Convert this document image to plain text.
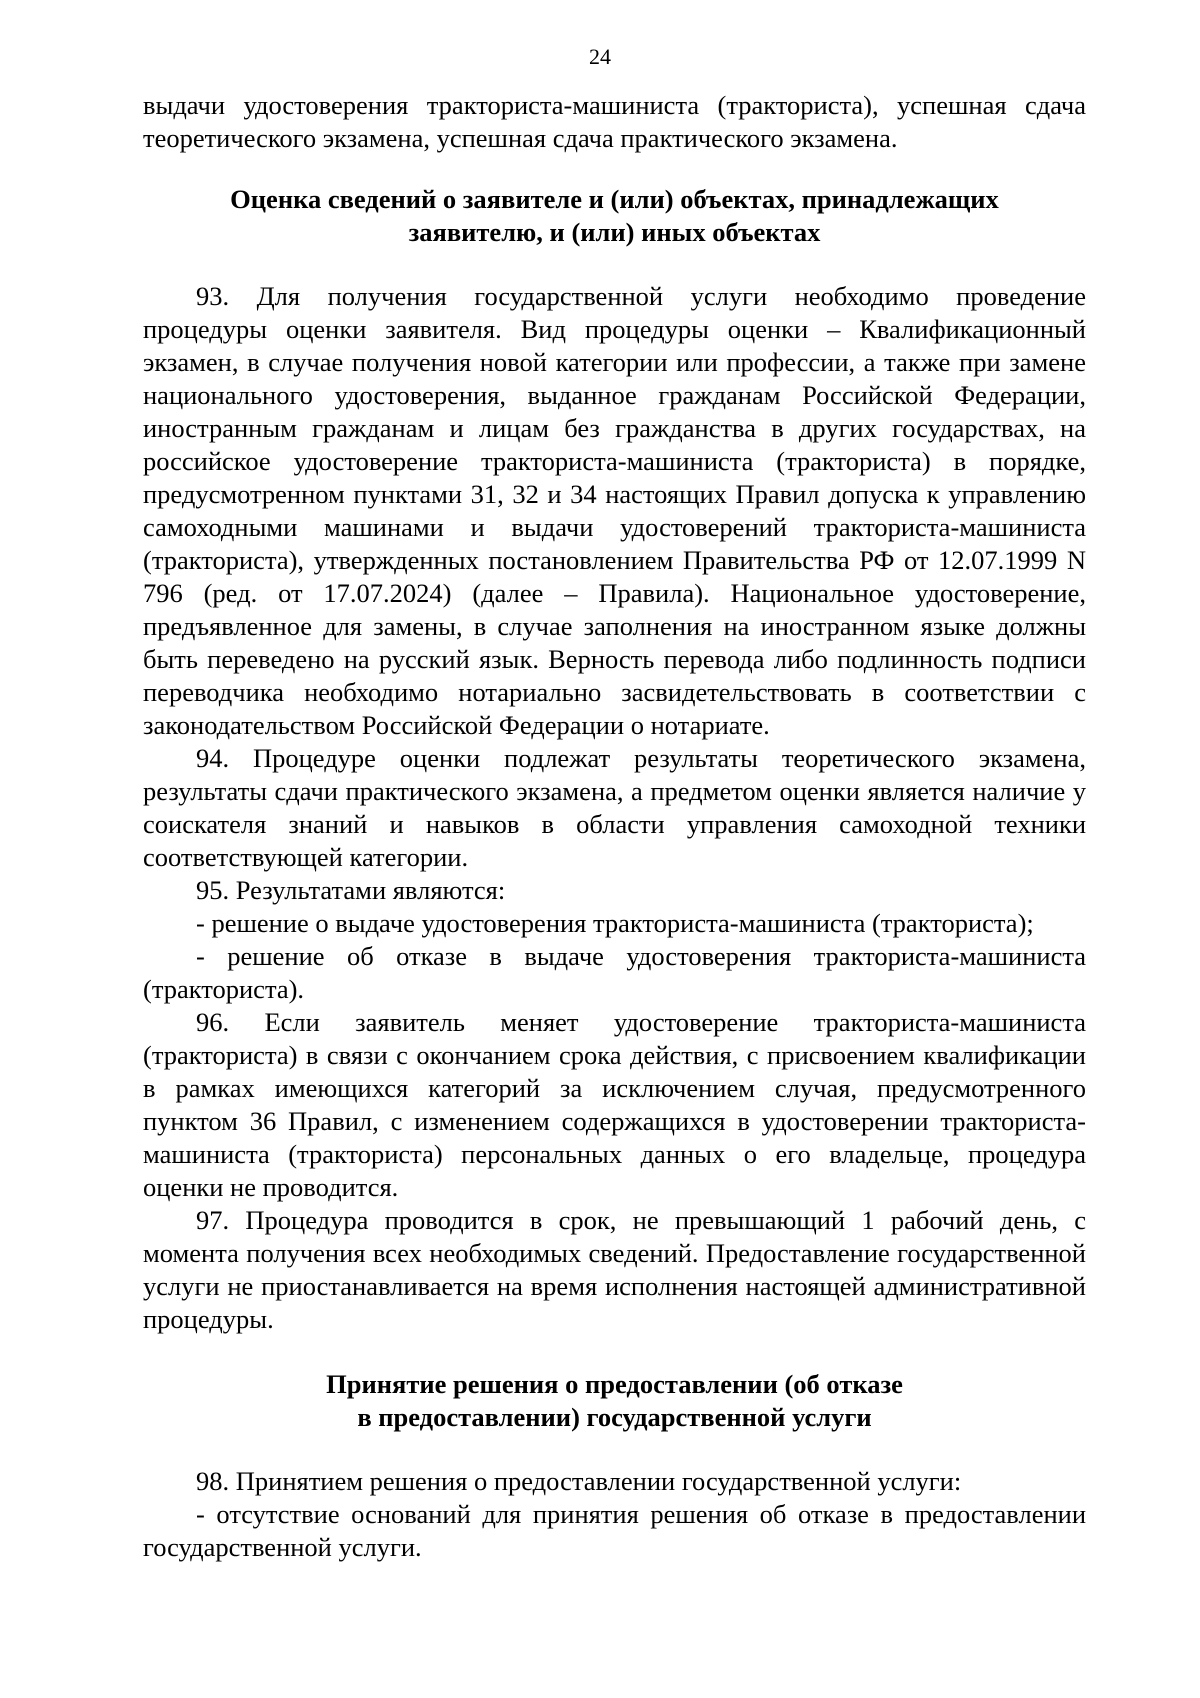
24

выдачи удостоверения тракториста-машиниста (тракториста), успешная сдача теоретического экзамена, успешная сдача практического экзамена.

Оценка сведений о заявителе и (или) объектах, принадлежащих
заявителю, и (или) иных объектах

93. Для получения государственной услуги необходимо проведение процедуры оценки заявителя. Вид процедуры оценки – Квалификационный экзамен, в случае получения новой категории или профессии, а также при замене национального удостоверения, выданное гражданам Российской Федерации, иностранным гражданам и лицам без гражданства в других государствах, на российское удостоверение тракториста-машиниста (тракториста) в порядке, предусмотренном пунктами 31, 32 и 34 настоящих Правил допуска к управлению самоходными машинами и выдачи удостоверений тракториста-машиниста (тракториста), утвержденных постановлением Правительства РФ от 12.07.1999 N 796 (ред. от 17.07.2024) (далее – Правила). Национальное удостоверение, предъявленное для замены, в случае заполнения на иностранном языке должны быть переведено на русский язык. Верность перевода либо подлинность подписи переводчика необходимо нотариально засвидетельствовать в соответствии с законодательством Российской Федерации о нотариате.

94. Процедуре оценки подлежат результаты теоретического экзамена, результаты сдачи практического экзамена, а предметом оценки является наличие у соискателя знаний и навыков в области управления самоходной техники соответствующей категории.

95. Результатами являются:

- решение о выдаче удостоверения тракториста-машиниста (тракториста);

- решение об отказе в выдаче удостоверения тракториста-машиниста (тракториста).

96. Если заявитель меняет удостоверение тракториста-машиниста (тракториста) в связи с окончанием срока действия, с присвоением квалификации в рамках имеющихся категорий за исключением случая, предусмотренного пунктом 36 Правил, с изменением содержащихся в удостоверении тракториста-машиниста (тракториста) персональных данных о его владельце, процедура оценки не проводится.

97. Процедура проводится в срок, не превышающий 1 рабочий день, с момента получения всех необходимых сведений. Предоставление государственной услуги не приостанавливается на время исполнения настоящей административной процедуры.

Принятие решения о предоставлении (об отказе
в предоставлении) государственной услуги

98. Принятием решения о предоставлении государственной услуги:

- отсутствие оснований для принятия решения об отказе в предоставлении государственной услуги.
